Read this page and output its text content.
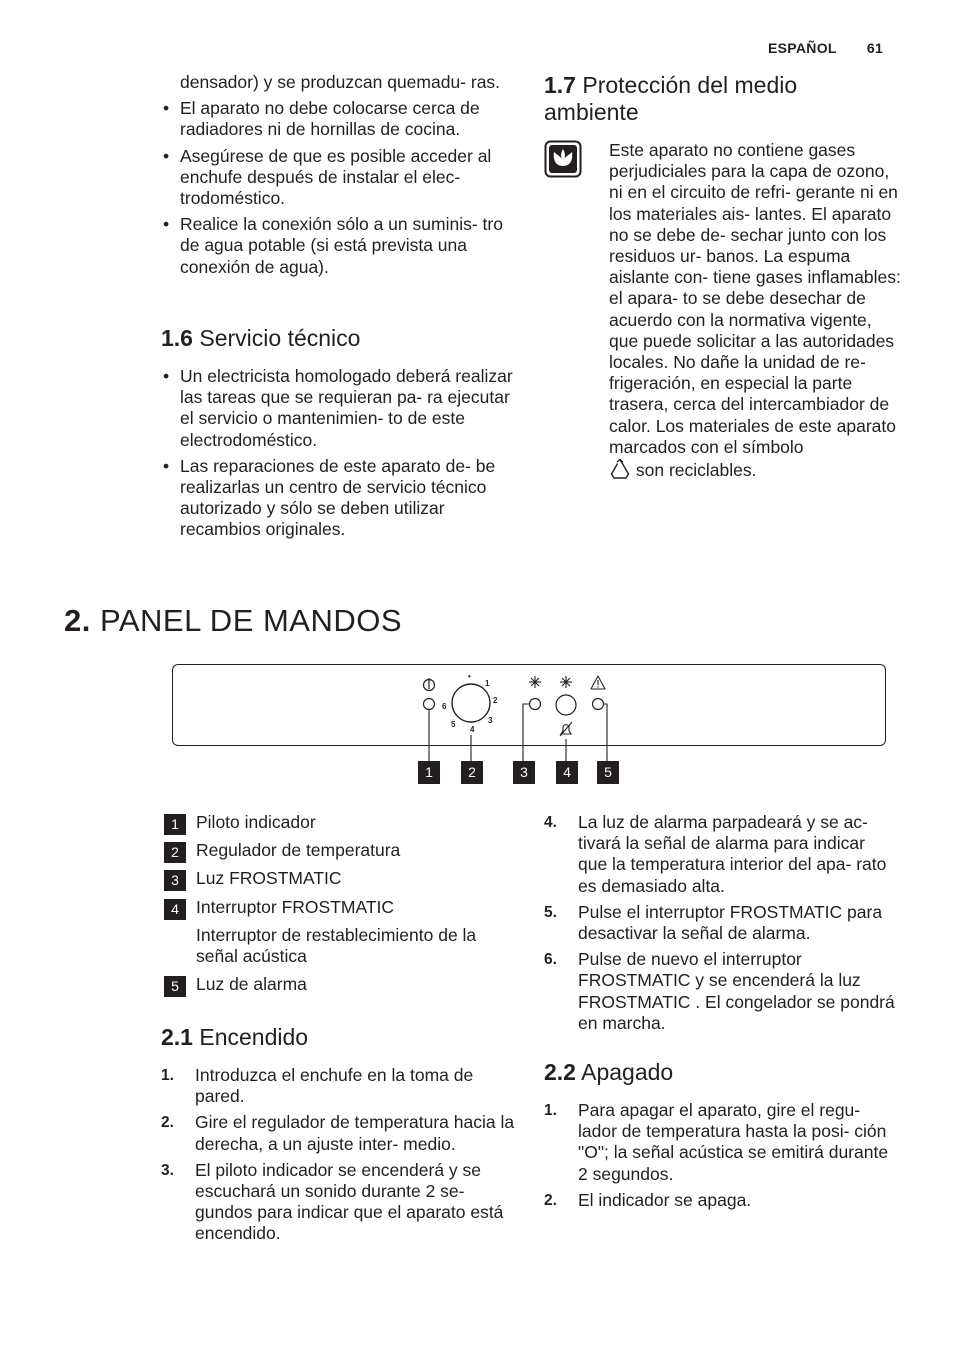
ESPAÑOL 61
densador) y se produzcan quemadu- ras.
• El aparato no debe colocarse cerca de radiadores ni de hornillas de cocina.
• Asegúrese de que es posible acceder al enchufe después de instalar el elec- trodoméstico.
• Realice la conexión sólo a un suminis- tro de agua potable (si está prevista una conexión de agua).
1.6 Servicio técnico
• Un electricista homologado deberá realizar las tareas que se requieran pa- ra ejecutar el servicio o mantenimien- to de este electrodoméstico.
• Las reparaciones de este aparato de- be realizarlas un centro de servicio técnico autorizado y sólo se deben utilizar recambios originales.
1.7 Protección del medio ambiente
Este aparato no contiene gases perjudiciales para la capa de ozono, ni en el circuito de refri- gerante ni en los materiales ais- lantes. El aparato no se debe de- sechar junto con los residuos ur- banos. La espuma aislante con- tiene gases inflamables: el apara- to se debe desechar de acuerdo con la normativa vigente, que puede solicitar a las autoridades locales. No dañe la unidad de re- frigeración, en especial la parte trasera, cerca del intercambiador de calor. Los materiales de este aparato marcados con el símbolo
son reciclables.
2. PANEL DE MANDOS
•
1
2
3
4
5
6
1	2	3	4	5
1 Piloto indicador
2 Regulador de temperatura
3 Luz FROSTMATIC
4 Interruptor FROSTMATIC
Interruptor de restablecimiento de la señal acústica
5 Luz de alarma
2.1 Encendido
1. Introduzca el enchufe en la toma de pared.
2. Gire el regulador de temperatura hacia la derecha, a un ajuste inter- medio.
3. El piloto indicador se encenderá y se escuchará un sonido durante 2 se- gundos para indicar que el aparato está encendido.
4. La luz de alarma parpadeará y se ac- tivará la señal de alarma para indicar que la temperatura interior del apa- rato es demasiado alta.
5. Pulse el interruptor FROSTMATIC para desactivar la señal de alarma.
6. Pulse de nuevo el interruptor FROSTMATIC y se encenderá la luz FROSTMATIC . El congelador se pondrá en marcha.
2.2 Apagado
1. Para apagar el aparato, gire el regu- lador de temperatura hasta la posi- ción "O"; la señal acústica se emitirá durante 2 segundos.
2. El indicador se apaga.
